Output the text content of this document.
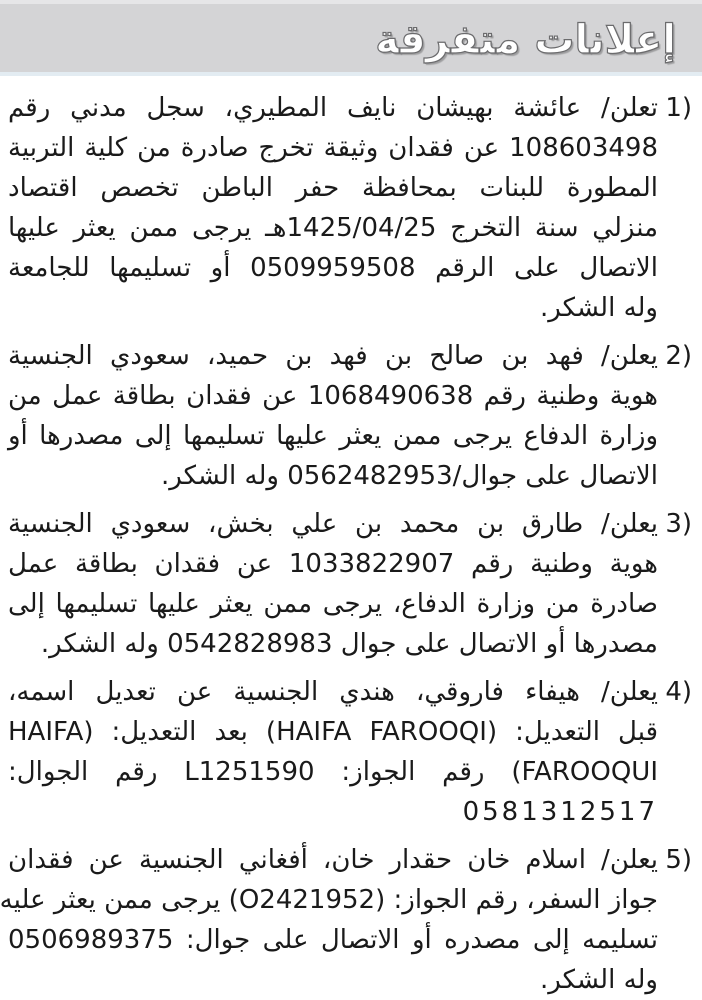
إعلانات متفرقة
1)
تعلن/ عائشة بهيشان نايف المطيري، سجل مدني رقم
108603498 عن فقدان وثيقة تخرج صادرة من كلية التربية
المطورة للبنات بمحافظة حفر الباطن تخصص اقتصاد
منزلي سنة التخرج 1425/04/25هـ يرجى ممن يعثر عليها
الاتصال على الرقم 0509959508 أو تسليمها للجامعة
وله الشكر.
2)
يعلن/ فهد بن صالح بن فهد بن حميد، سعودي الجنسية
هوية وطنية رقم 1068490638 عن فقدان بطاقة عمل من
وزارة الدفاع يرجى ممن يعثر عليها تسليمها إلى مصدرها أو
الاتصال على جوال/0562482953 وله الشكر.
3)
يعلن/ طارق بن محمد بن علي بخش، سعودي الجنسية
هوية وطنية رقم 1033822907 عن فقدان بطاقة عمل
صادرة من وزارة الدفاع، يرجى ممن يعثر عليها تسليمها إلى
مصدرها أو الاتصال على جوال 0542828983 وله الشكر.
4)
يعلن/ هيفاء فاروقي، هندي الجنسية عن تعديل اسمه،
قبل التعديل: (HAIFA FAROOQI) بعد التعديل: (HAIFA
FAROOQUI) رقم الجواز: L1251590 رقم الجوال:
0581312517
5)
يعلن/ اسلام خان حقدار خان، أفغاني الجنسية عن فقدان
جواز السفر، رقم الجواز: (O2421952) يرجى ممن يعثر عليه
تسليمه إلى مصدره أو الاتصال على جوال: 0506989375
وله الشكر.
